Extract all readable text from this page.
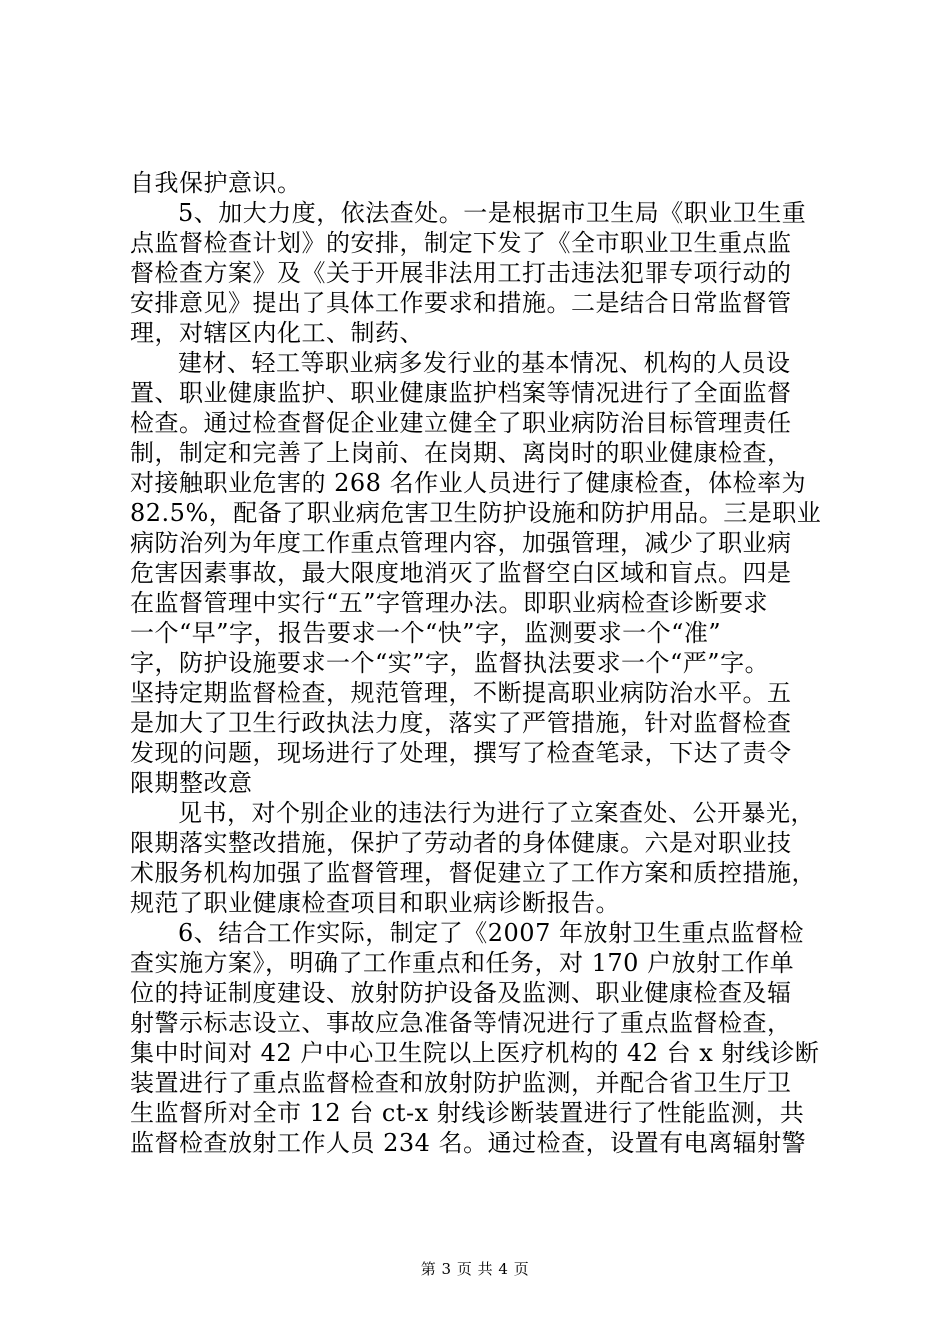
自我保护意识。
5、加大力度，依法查处。一是根据市卫生局《职业卫生重
点监督检查计划》的安排，制定下发了《全市职业卫生重点监
督检查方案》及《关于开展非法用工打击违法犯罪专项行动的
安排意见》提出了具体工作要求和措施。二是结合日常监督管
理，对辖区内化工、制药、
建材、轻工等职业病多发行业的基本情况、机构的人员设
置、职业健康监护、职业健康监护档案等情况进行了全面监督
检查。通过检查督促企业建立健全了职业病防治目标管理责任
制，制定和完善了上岗前、在岗期、离岗时的职业健康检查，
对接触职业危害的 268 名作业人员进行了健康检查，体检率为
82.5%，配备了职业病危害卫生防护设施和防护用品。三是职业
病防治列为年度工作重点管理内容，加强管理，减少了职业病
危害因素事故，最大限度地消灭了监督空白区域和盲点。四是
在监督管理中实行“五”字管理办法。即职业病检查诊断要求
一个“早”字，报告要求一个“快”字，监测要求一个“准”
字，防护设施要求一个“实”字，监督执法要求一个“严”字。
坚持定期监督检查，规范管理，不断提高职业病防治水平。五
是加大了卫生行政执法力度，落实了严管措施，针对监督检查
发现的问题，现场进行了处理，撰写了检查笔录，下达了责令
限期整改意
见书，对个别企业的违法行为进行了立案查处、公开暴光，
限期落实整改措施，保护了劳动者的身体健康。六是对职业技
术服务机构加强了监督管理，督促建立了工作方案和质控措施，
规范了职业健康检查项目和职业病诊断报告。
6、结合工作实际，制定了《2007 年放射卫生重点监督检
查实施方案》，明确了工作重点和任务，对 170 户放射工作单
位的持证制度建设、放射防护设备及监测、职业健康检查及辐
射警示标志设立、事故应急准备等情况进行了重点监督检查，
集中时间对 42 户中心卫生院以上医疗机构的 42 台 x 射线诊断
装置进行了重点监督检查和放射防护监测，并配合省卫生厅卫
生监督所对全市 12 台 ct-x 射线诊断装置进行了性能监测，共
监督检查放射工作人员 234 名。通过检查，设置有电离辐射警
第 3 页 共 4 页
